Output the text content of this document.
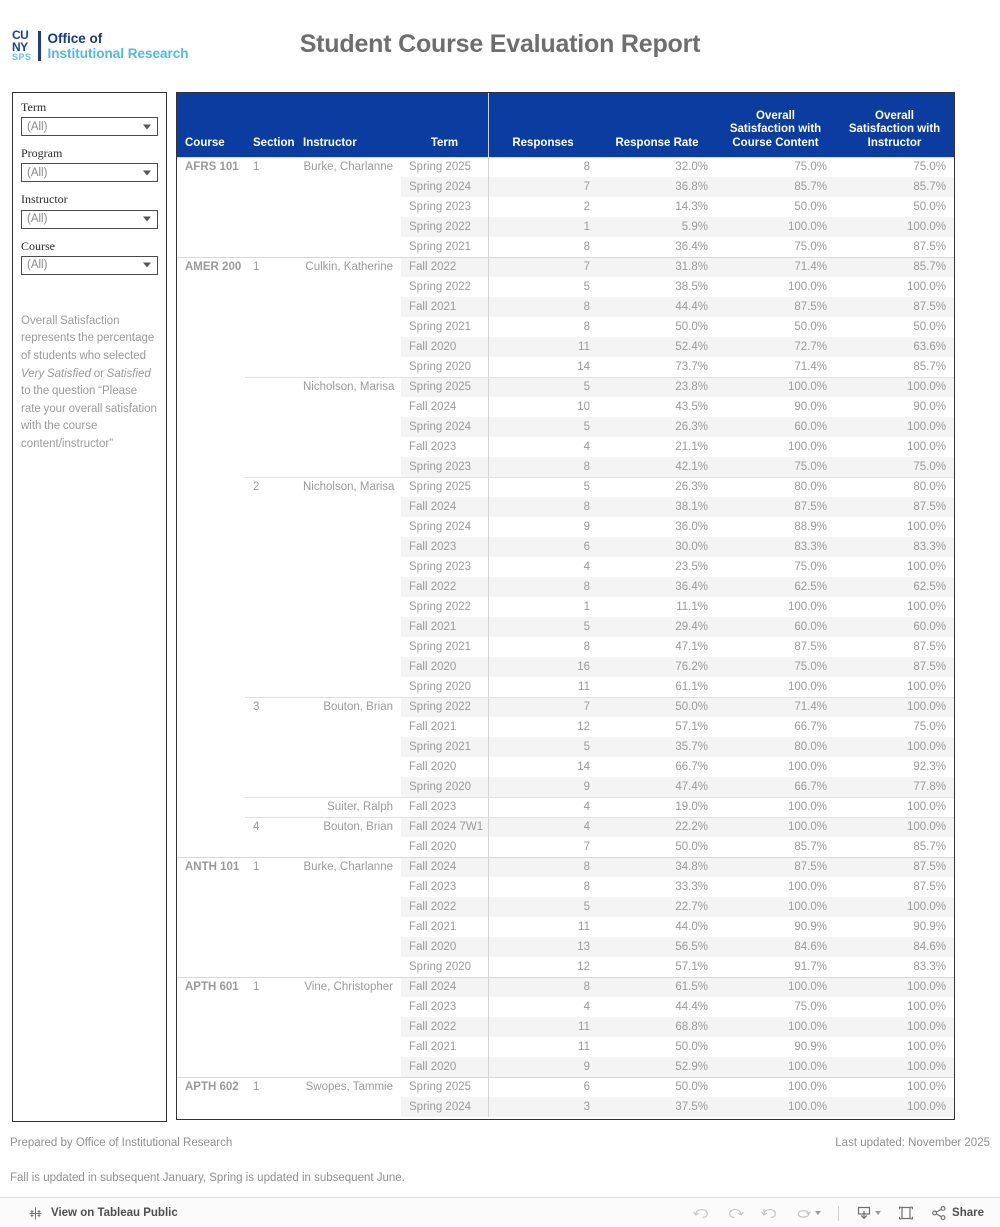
CU
NY
SPS
Office of
Institutional Research	Student Course Evaluation Report
Term
(All)
Program
(All)
Instructor
(All)
Course
(All)
Overall Satisfaction represents the percentage of students who selected Very Satisfied or Satisfied to the question “Please rate your overall satisfation with the course content/instructor”
Course	Section	Instructor	Term	Responses	Response Rate	Overall Satisfaction with Course Content	Overall Satisfaction with Instructor
AFRS 101	1	Burke, Charlanne	Spring 2025	8	32.0%	75.0%	75.0%
			Spring 2024	7	36.8%	85.7%	85.7%
			Spring 2023	2	14.3%	50.0%	50.0%
			Spring 2022	1	5.9%	100.0%	100.0%
			Spring 2021	8	36.4%	75.0%	87.5%
AMER 200	1	Culkin, Katherine	Fall 2022	7	31.8%	71.4%	85.7%
			Spring 2022	5	38.5%	100.0%	100.0%
			Fall 2021	8	44.4%	87.5%	87.5%
			Spring 2021	8	50.0%	50.0%	50.0%
			Fall 2020	11	52.4%	72.7%	63.6%
			Spring 2020	14	73.7%	71.4%	85.7%
		Nicholson, Marisa	Spring 2025	5	23.8%	100.0%	100.0%
			Fall 2024	10	43.5%	90.0%	90.0%
			Spring 2024	5	26.3%	60.0%	100.0%
			Fall 2023	4	21.1%	100.0%	100.0%
			Spring 2023	8	42.1%	75.0%	75.0%
	2	Nicholson, Marisa	Spring 2025	5	26.3%	80.0%	80.0%
			Fall 2024	8	38.1%	87.5%	87.5%
			Spring 2024	9	36.0%	88.9%	100.0%
			Fall 2023	6	30.0%	83.3%	83.3%
			Spring 2023	4	23.5%	75.0%	100.0%
			Fall 2022	8	36.4%	62.5%	62.5%
			Spring 2022	1	11.1%	100.0%	100.0%
			Fall 2021	5	29.4%	60.0%	60.0%
			Spring 2021	8	47.1%	87.5%	87.5%
			Fall 2020	16	76.2%	75.0%	87.5%
			Spring 2020	11	61.1%	100.0%	100.0%
	3	Bouton, Brian	Spring 2022	7	50.0%	71.4%	100.0%
			Fall 2021	12	57.1%	66.7%	75.0%
			Spring 2021	5	35.7%	80.0%	100.0%
			Fall 2020	14	66.7%	100.0%	92.3%
			Spring 2020	9	47.4%	66.7%	77.8%
		Suiter, Ralph	Fall 2023	4	19.0%	100.0%	100.0%
	4	Bouton, Brian	Fall 2024 7W1	4	22.2%	100.0%	100.0%
			Fall 2020	7	50.0%	85.7%	85.7%
ANTH 101	1	Burke, Charlanne	Fall 2024	8	34.8%	87.5%	87.5%
			Fall 2023	8	33.3%	100.0%	87.5%
			Fall 2022	5	22.7%	100.0%	100.0%
			Fall 2021	11	44.0%	90.9%	90.9%
			Fall 2020	13	56.5%	84.6%	84.6%
			Spring 2020	12	57.1%	91.7%	83.3%
APTH 601	1	Vine, Christopher	Fall 2024	8	61.5%	100.0%	100.0%
			Fall 2023	4	44.4%	75.0%	100.0%
			Fall 2022	11	68.8%	100.0%	100.0%
			Fall 2021	11	50.0%	90.9%	100.0%
			Fall 2020	9	52.9%	100.0%	100.0%
APTH 602	1	Swopes, Tammie	Spring 2025	6	50.0%	100.0%	100.0%
			Spring 2024	3	37.5%	100.0%	100.0%
Prepared by Office of Institutional Research	Last updated: November 2025
Fall is updated in subsequent January, Spring is updated in subsequent June.
View on Tableau Public	Share
